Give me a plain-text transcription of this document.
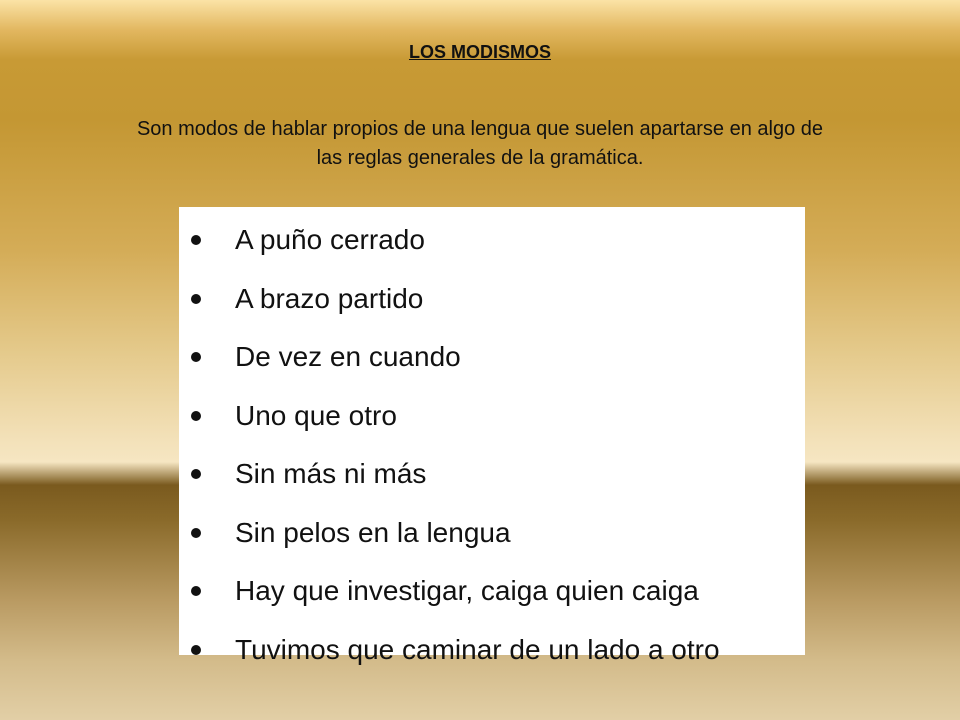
LOS MODISMOS

Son modos de hablar propios de una lengua que suelen apartarse en algo de las reglas generales de la gramática.

A puño cerrado
A brazo partido
De vez en cuando
Uno que otro
Sin más ni más
Sin pelos en la lengua
Hay que investigar, caiga quien caiga
Tuvimos que caminar de un lado a otro
